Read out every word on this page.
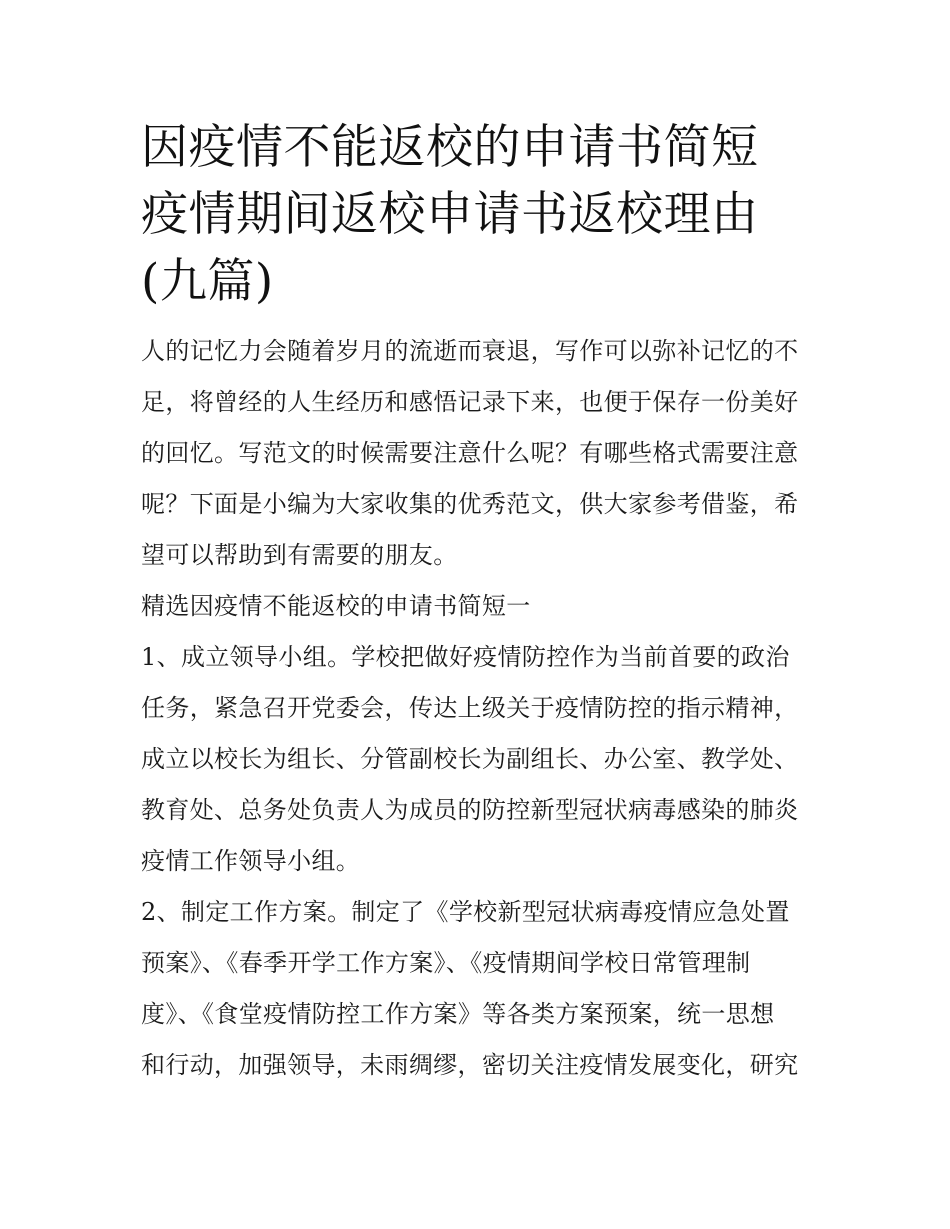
因疫情不能返校的申请书简短
疫情期间返校申请书返校理由
(九篇)

人的记忆力会随着岁月的流逝而衰退，写作可以弥补记忆的不
足，将曾经的人生经历和感悟记录下来，也便于保存一份美好
的回忆。写范文的时候需要注意什么呢？有哪些格式需要注意
呢？下面是小编为大家收集的优秀范文，供大家参考借鉴，希
望可以帮助到有需要的朋友。

精选因疫情不能返校的申请书简短一

1、成立领导小组。学校把做好疫情防控作为当前首要的政治
任务，紧急召开党委会，传达上级关于疫情防控的指示精神，
成立以校长为组长、分管副校长为副组长、办公室、教学处、
教育处、总务处负责人为成员的防控新型冠状病毒感染的肺炎
疫情工作领导小组。

2、制定工作方案。制定了《学校新型冠状病毒疫情应急处置
预案》、《春季开学工作方案》、《疫情期间学校日常管理制
度》、《食堂疫情防控工作方案》等各类方案预案，统一思想
和行动，加强领导，未雨绸缪，密切关注疫情发展变化，研究
